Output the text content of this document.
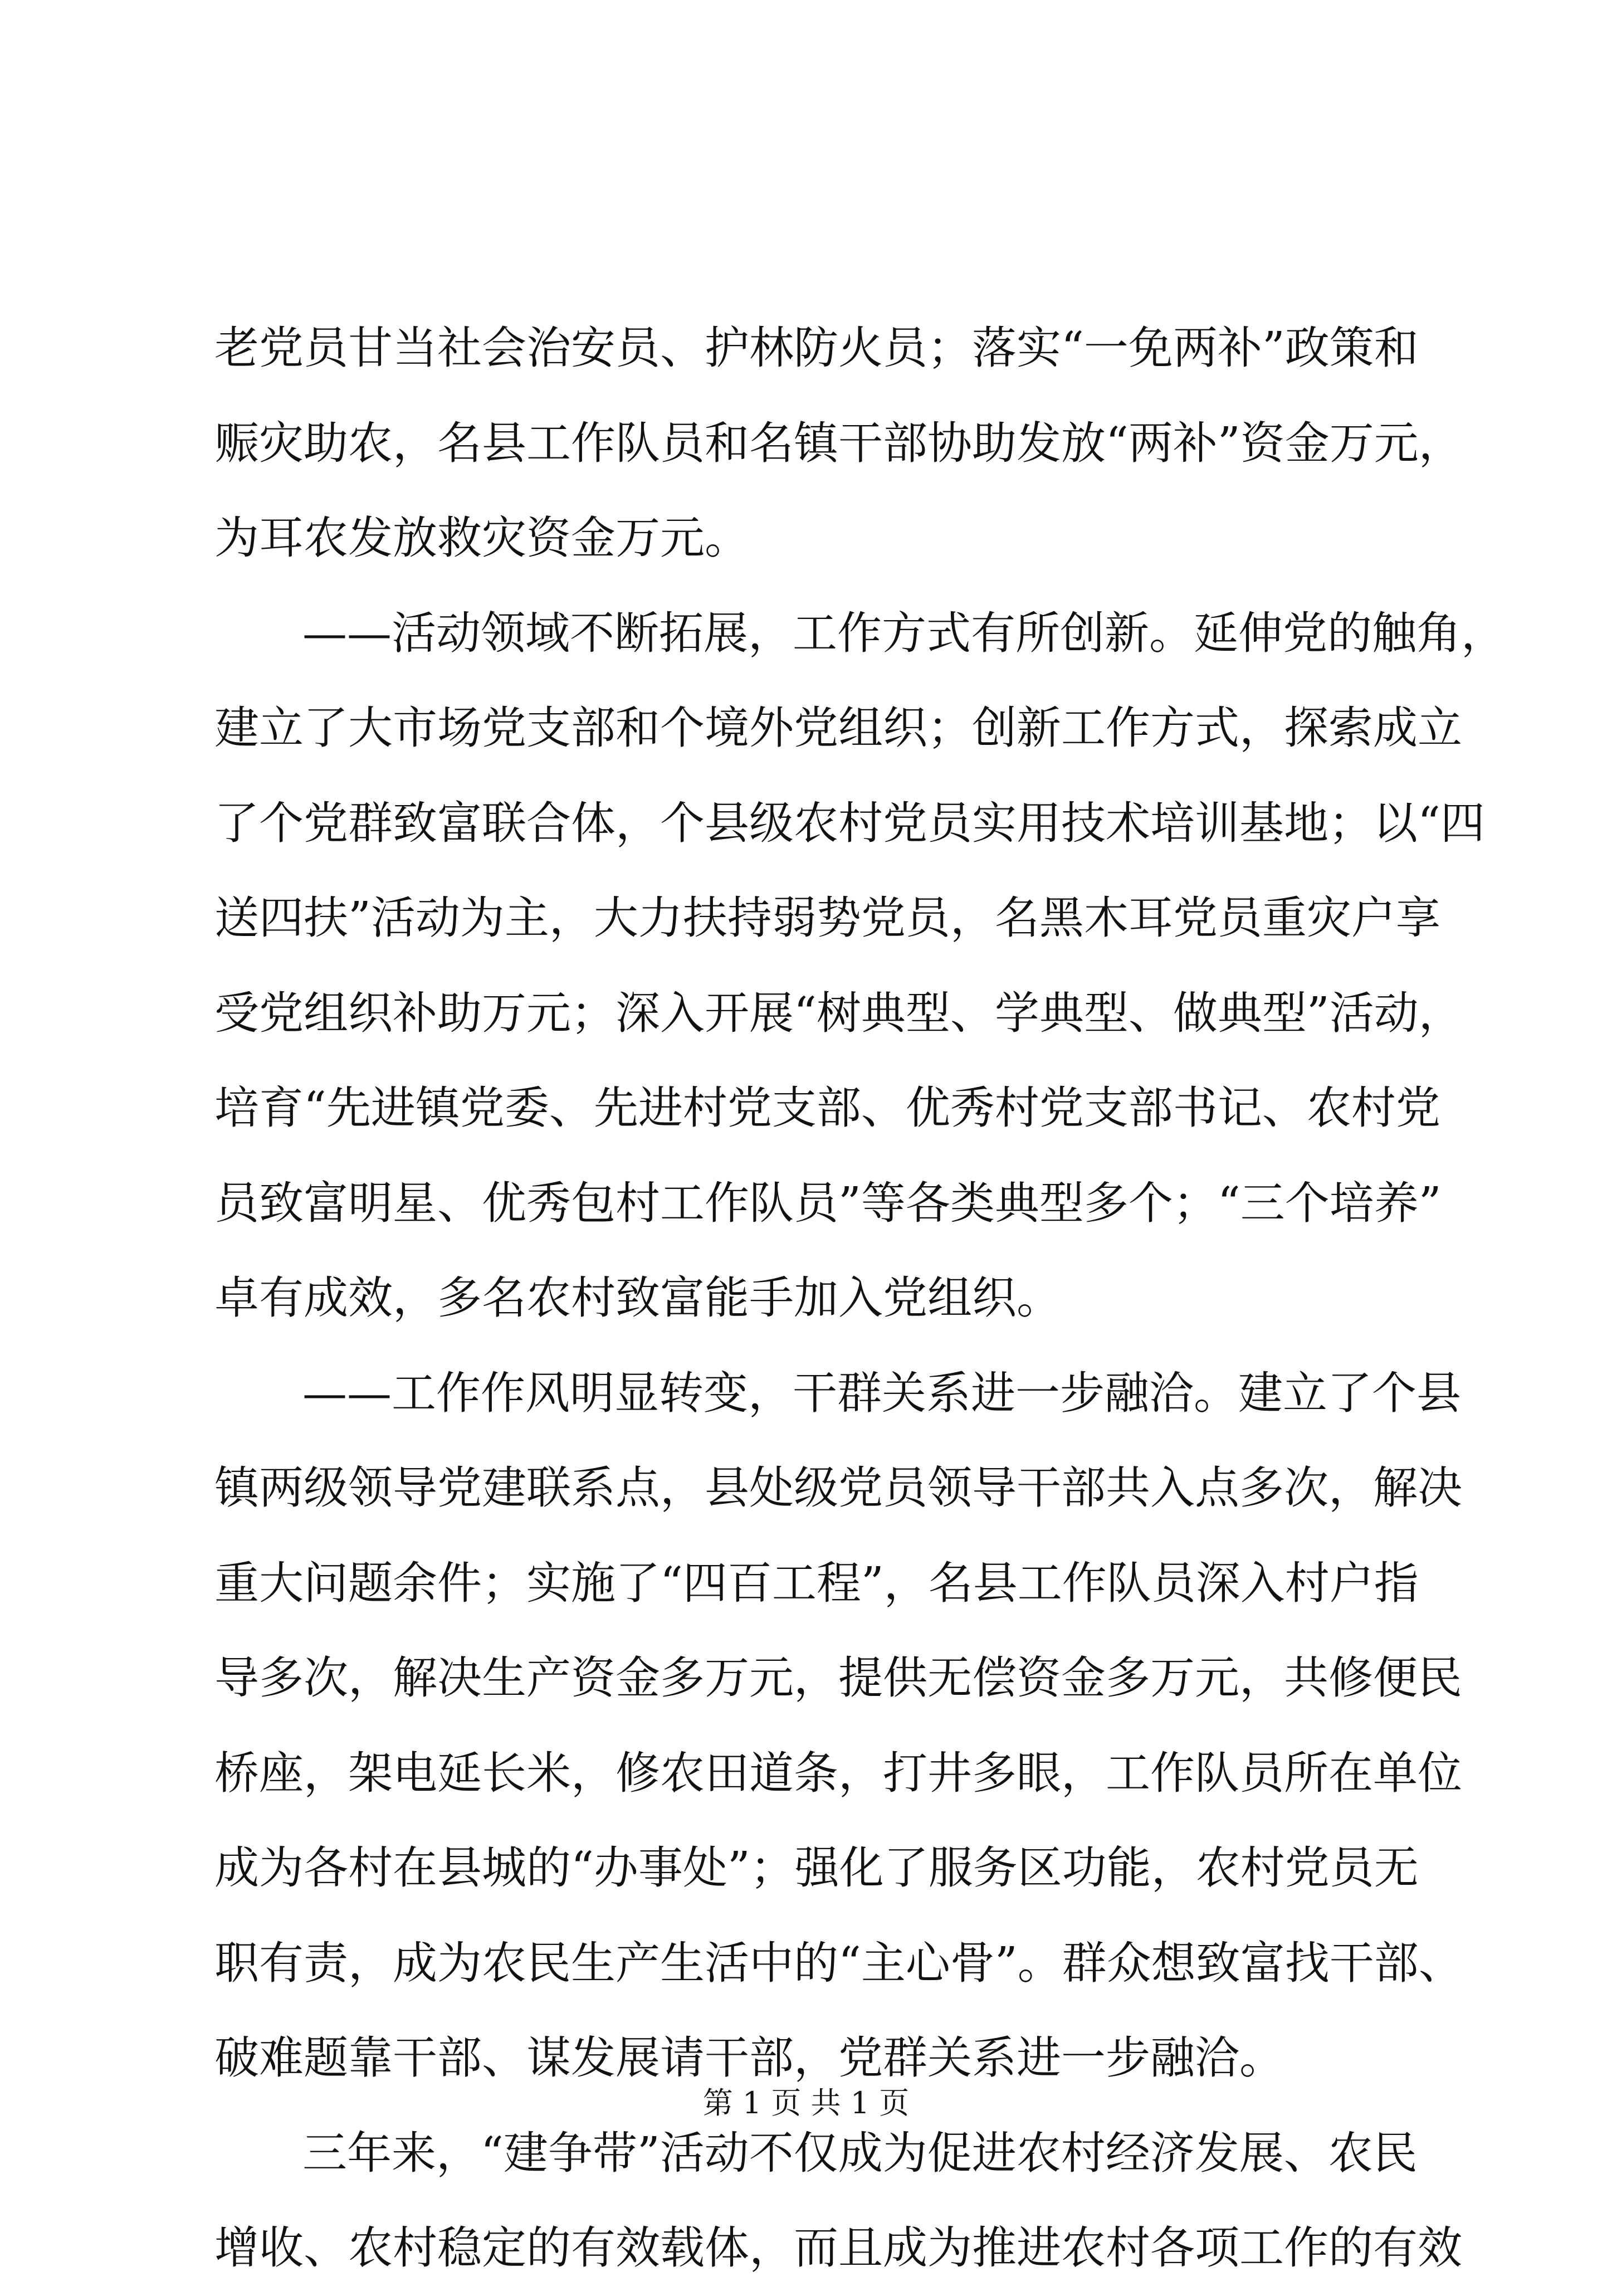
老党员甘当社会治安员、护林防火员；落实“一免两补”政策和
赈灾助农，名县工作队员和名镇干部协助发放“两补”资金万元，
为耳农发放救灾资金万元。
——活动领域不断拓展，工作方式有所创新。延伸党的触角，
建立了大市场党支部和个境外党组织；创新工作方式，探索成立
了个党群致富联合体，个县级农村党员实用技术培训基地；以“四
送四扶”活动为主，大力扶持弱势党员，名黑木耳党员重灾户享
受党组织补助万元；深入开展“树典型、学典型、做典型”活动，
培育“先进镇党委、先进村党支部、优秀村党支部书记、农村党
员致富明星、优秀包村工作队员”等各类典型多个；“三个培养”
卓有成效，多名农村致富能手加入党组织。
——工作作风明显转变，干群关系进一步融洽。建立了个县
镇两级领导党建联系点，县处级党员领导干部共入点多次，解决
重大问题余件；实施了“四百工程”，名县工作队员深入村户指
导多次，解决生产资金多万元，提供无偿资金多万元，共修便民
桥座，架电延长米，修农田道条，打井多眼，工作队员所在单位
成为各村在县城的“办事处”；强化了服务区功能，农村党员无
职有责，成为农民生产生活中的“主心骨”。群众想致富找干部、
破难题靠干部、谋发展请干部，党群关系进一步融洽。
三年来，“建争带”活动不仅成为促进农村经济发展、农民
增收、农村稳定的有效载体，而且成为推进农村各项工作的有效
第 1 页 共 1 页
